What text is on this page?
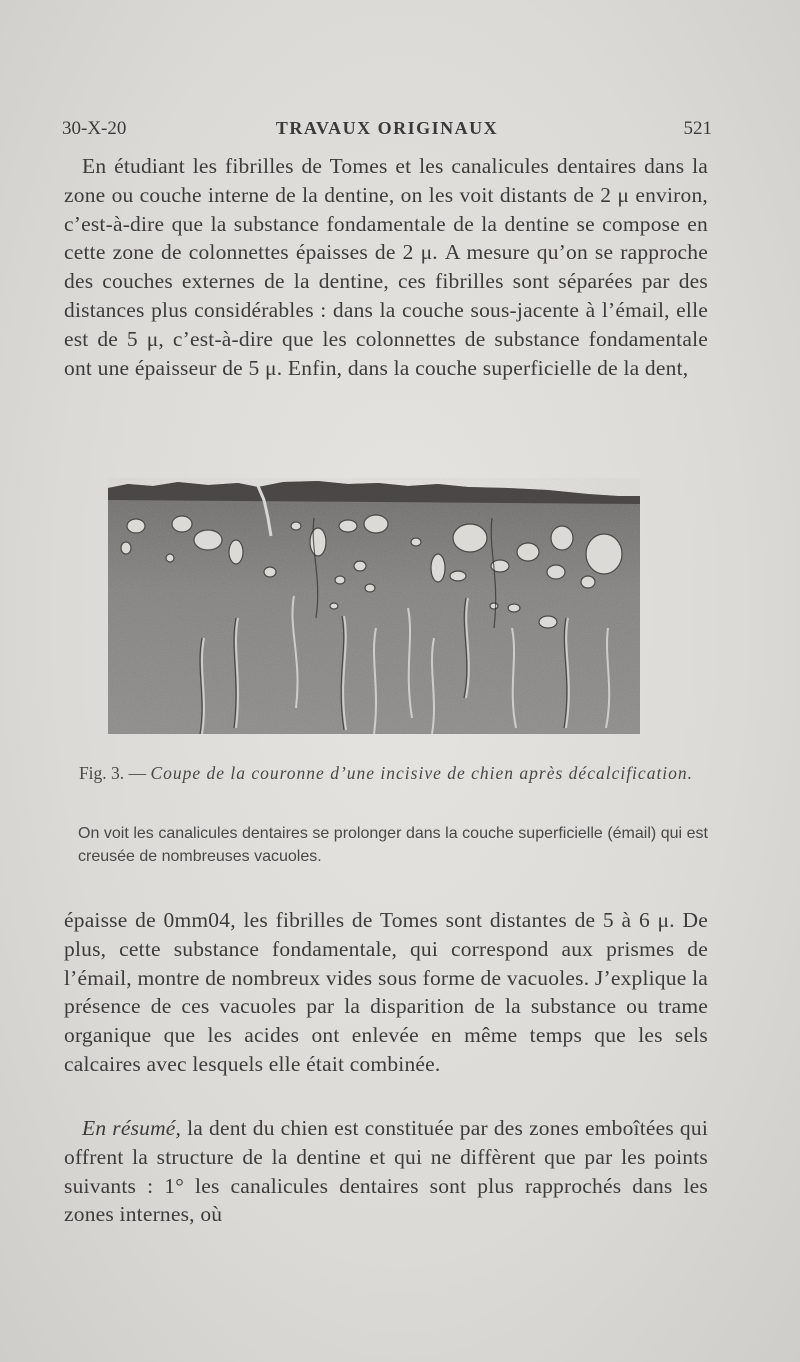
30-X-20	TRAVAUX ORIGINAUX	521

En étudiant les fibrilles de Tomes et les canalicules dentaires dans la zone ou couche interne de la dentine, on les voit distants de 2 μ environ, c’est-à-dire que la substance fondamentale de la dentine se compose en cette zone de colonnettes épaisses de 2 μ. A mesure qu’on se rapproche des couches externes de la dentine, ces fibrilles sont séparées par des distances plus considérables : dans la couche sous-jacente à l’émail, elle est de 5 μ, c’est-à-dire que les colonnettes de substance fondamentale ont une épaisseur de 5 μ. Enfin, dans la couche superficielle de la dent,

Fig. 3. — Coupe de la couronne d’une incisive de chien après décalcification.

On voit les canalicules dentaires se prolonger dans la couche superficielle (émail) qui est creusée de nombreuses vacuoles.

épaisse de 0mm04, les fibrilles de Tomes sont distantes de 5 à 6 μ. De plus, cette substance fondamentale, qui correspond aux prismes de l’émail, montre de nombreux vides sous forme de vacuoles. J’explique la présence de ces vacuoles par la disparition de la substance ou trame organique que les acides ont enlevée en même temps que les sels calcaires avec lesquels elle était combinée.

En résumé, la dent du chien est constituée par des zones emboîtées qui offrent la structure de la dentine et qui ne diffèrent que par les points suivants : 1° les canalicules dentaires sont plus rapprochés dans les zones internes, où
